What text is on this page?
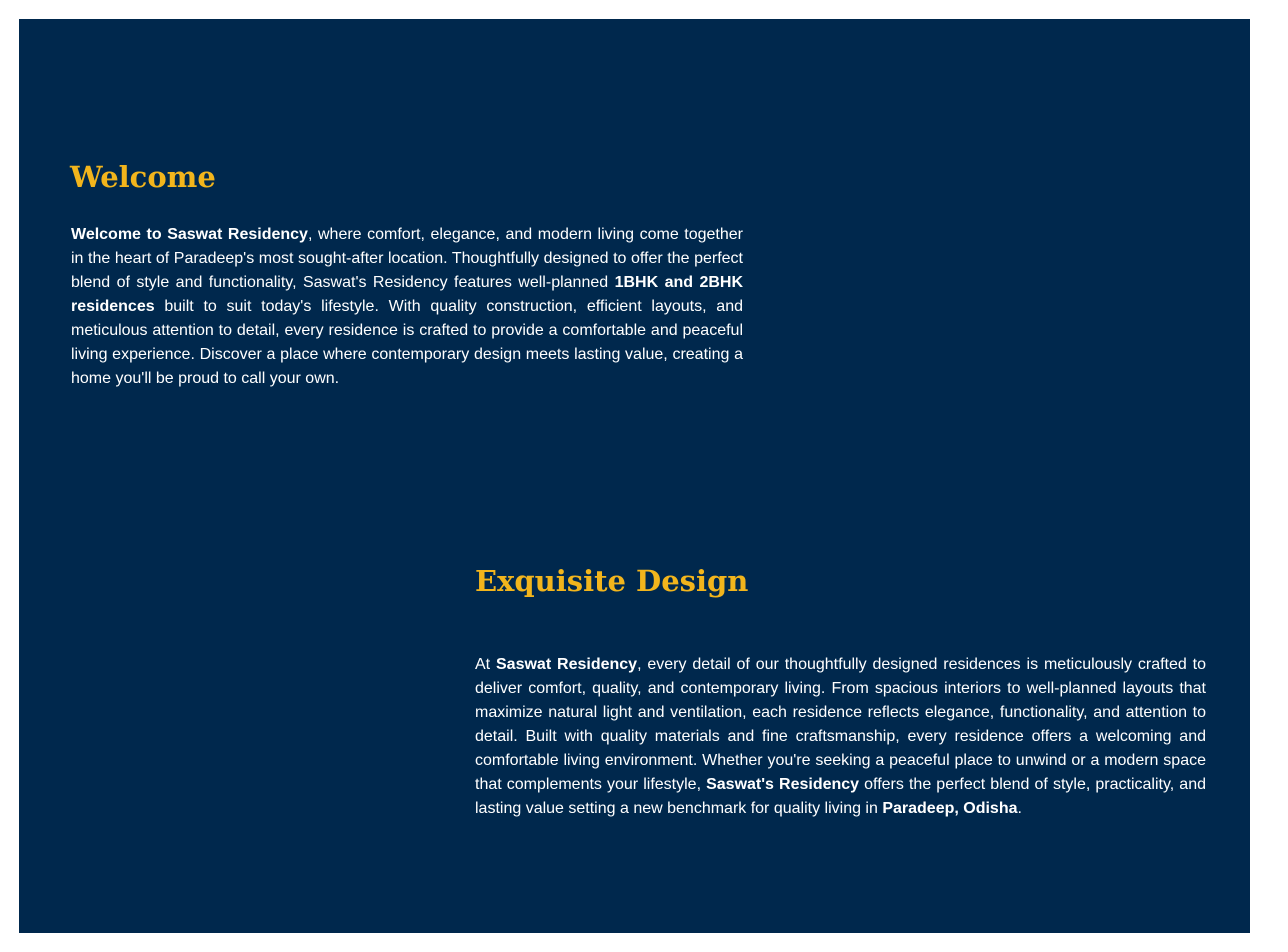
Welcome

Welcome to Saswat Residency, where comfort, elegance, and modern living come together in the heart of Paradeep's most sought-after location. Thoughtfully designed to offer the perfect blend of style and functionality, Saswat's Residency features well-planned 1BHK and 2BHK residences built to suit today's lifestyle. With quality construction, efficient layouts, and meticulous attention to detail, every residence is crafted to provide a comfortable and peaceful living experience. Discover a place where contemporary design meets lasting value, creating a home you'll be proud to call your own.

Exquisite Design

At Saswat Residency, every detail of our thoughtfully designed residences is meticulously crafted to deliver comfort, quality, and contemporary living. From spacious interiors to well-planned layouts that maximize natural light and ventilation, each residence reflects elegance, functionality, and attention to detail. Built with quality materials and fine craftsmanship, every residence offers a welcoming and comfortable living environment. Whether you're seeking a peaceful place to unwind or a modern space that complements your lifestyle, Saswat's Residency offers the perfect blend of style, practicality, and lasting value setting a new benchmark for quality living in Paradeep, Odisha.
